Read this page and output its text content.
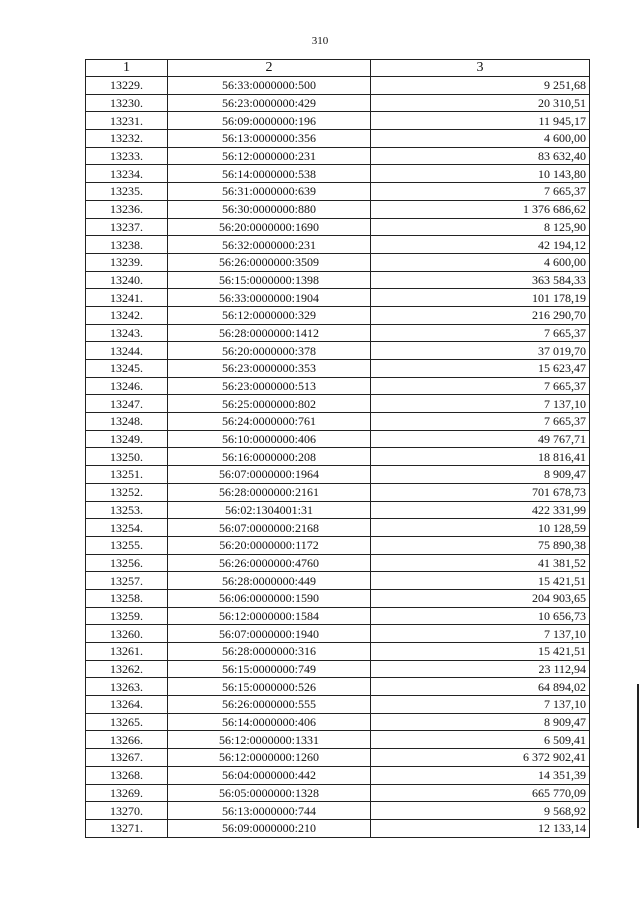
310
1	2	3
13229.	56:33:0000000:500	9 251,68
13230.	56:23:0000000:429	20 310,51
13231.	56:09:0000000:196	11 945,17
13232.	56:13:0000000:356	4 600,00
13233.	56:12:0000000:231	83 632,40
13234.	56:14:0000000:538	10 143,80
13235.	56:31:0000000:639	7 665,37
13236.	56:30:0000000:880	1 376 686,62
13237.	56:20:0000000:1690	8 125,90
13238.	56:32:0000000:231	42 194,12
13239.	56:26:0000000:3509	4 600,00
13240.	56:15:0000000:1398	363 584,33
13241.	56:33:0000000:1904	101 178,19
13242.	56:12:0000000:329	216 290,70
13243.	56:28:0000000:1412	7 665,37
13244.	56:20:0000000:378	37 019,70
13245.	56:23:0000000:353	15 623,47
13246.	56:23:0000000:513	7 665,37
13247.	56:25:0000000:802	7 137,10
13248.	56:24:0000000:761	7 665,37
13249.	56:10:0000000:406	49 767,71
13250.	56:16:0000000:208	18 816,41
13251.	56:07:0000000:1964	8 909,47
13252.	56:28:0000000:2161	701 678,73
13253.	56:02:1304001:31	422 331,99
13254.	56:07:0000000:2168	10 128,59
13255.	56:20:0000000:1172	75 890,38
13256.	56:26:0000000:4760	41 381,52
13257.	56:28:0000000:449	15 421,51
13258.	56:06:0000000:1590	204 903,65
13259.	56:12:0000000:1584	10 656,73
13260.	56:07:0000000:1940	7 137,10
13261.	56:28:0000000:316	15 421,51
13262.	56:15:0000000:749	23 112,94
13263.	56:15:0000000:526	64 894,02
13264.	56:26:0000000:555	7 137,10
13265.	56:14:0000000:406	8 909,47
13266.	56:12:0000000:1331	6 509,41
13267.	56:12:0000000:1260	6 372 902,41
13268.	56:04:0000000:442	14 351,39
13269.	56:05:0000000:1328	665 770,09
13270.	56:13:0000000:744	9 568,92
13271.	56:09:0000000:210	12 133,14
